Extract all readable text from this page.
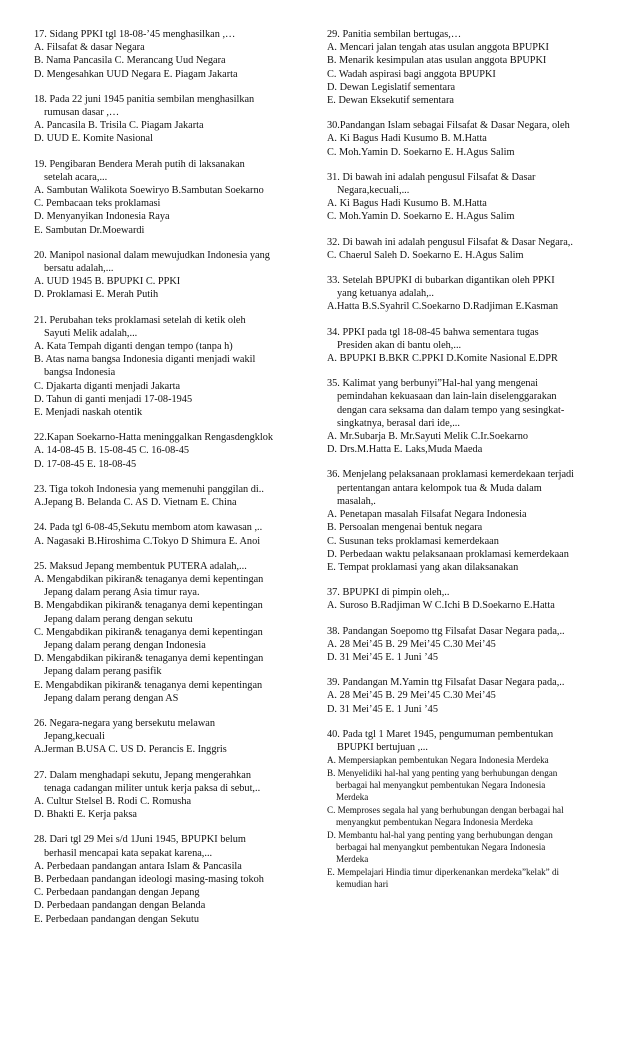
17. Sidang PPKI tgl 18-08-’45 menghasilkan ,…
A. Filsafat & dasar Negara
B. Nama Pancasila C. Merancang Uud Negara
D. Mengesahkan UUD Negara E. Piagam Jakarta
18. Pada 22 juni 1945 panitia sembilan menghasilkan
rumusan dasar ,…
A. Pancasila B. Trisila C. Piagam Jakarta
D. UUD E. Komite Nasional
19. Pengibaran Bendera Merah putih di laksanakan
setelah acara,...
A. Sambutan Walikota Soewiryo B.Sambutan Soekarno
C. Pembacaan teks proklamasi
D. Menyanyikan Indonesia Raya
E. Sambutan Dr.Moewardi
20. Manipol nasional dalam mewujudkan Indonesia yang
bersatu adalah,...
A. UUD 1945 B. BPUPKI C. PPKI
D. Proklamasi E. Merah Putih
21. Perubahan teks proklamasi setelah di ketik oleh
Sayuti Melik adalah,...
A. Kata Tempah diganti dengan tempo (tanpa h)
B. Atas nama bangsa Indonesia diganti menjadi wakil
bangsa Indonesia
C. Djakarta diganti menjadi Jakarta
D. Tahun di ganti menjadi 17-08-1945
E. Menjadi naskah otentik
22.Kapan Soekarno-Hatta meninggalkan Rengasdengklok
A. 14-08-45 B. 15-08-45 C. 16-08-45
D. 17-08-45 E. 18-08-45
23. Tiga tokoh Indonesia yang memenuhi panggilan di..
A.Jepang B. Belanda C. AS D. Vietnam E. China
24. Pada tgl 6-08-45,Sekutu membom atom kawasan ,..
A. Nagasaki B.Hiroshima C.Tokyo D Shimura E. Anoi
25. Maksud Jepang membentuk PUTERA adalah,...
A. Mengabdikan pikiran& tenaganya demi kepentingan
Jepang dalam perang Asia timur raya.
B. Mengabdikan pikiran& tenaganya demi kepentingan
Jepang dalam perang dengan sekutu
C. Mengabdikan pikiran& tenaganya demi kepentingan
Jepang dalam perang dengan Indonesia
D. Mengabdikan pikiran& tenaganya demi kepentingan
Jepang dalam perang pasifik
E. Mengabdikan pikiran& tenaganya demi kepentingan
Jepang dalam perang dengan AS
26. Negara-negara yang bersekutu melawan
Jepang,kecuali
A.Jerman B.USA C. US D. Perancis E. Inggris
27. Dalam menghadapi sekutu, Jepang mengerahkan
tenaga cadangan militer untuk kerja paksa di sebut,..
A. Cultur Stelsel B. Rodi C. Romusha
D. Bhakti E. Kerja paksa
28. Dari tgl 29 Mei s/d 1Juni 1945, BPUPKI belum
berhasil mencapai kata sepakat karena,...
A. Perbedaan pandangan antara Islam & Pancasila
B. Perbedaan pandangan ideologi masing-masing tokoh
C. Perbedaan pandangan dengan Jepang
D. Perbedaan pandangan dengan Belanda
E. Perbedaan pandangan dengan Sekutu
29. Panitia sembilan bertugas,…
A. Mencari jalan tengah atas usulan anggota BPUPKI
B. Menarik kesimpulan atas usulan anggota BPUPKI
C. Wadah aspirasi bagi anggota BPUPKI
D. Dewan Legislatif sementara
E. Dewan Eksekutif sementara
30.Pandangan Islam sebagai Filsafat & Dasar Negara, oleh
A. Ki Bagus Hadi Kusumo B. M.Hatta
C. Moh.Yamin D. Soekarno E. H.Agus Salim
31. Di bawah ini adalah pengusul Filsafat & Dasar
Negara,kecuali,...
A. Ki Bagus Hadi Kusumo B. M.Hatta
C. Moh.Yamin D. Soekarno E. H.Agus Salim
32. Di bawah ini adalah pengusul Filsafat & Dasar Negara,.
C. Chaerul Saleh D. Soekarno E. H.Agus Salim
33. Setelah BPUPKI di bubarkan digantikan oleh PPKI
yang ketuanya adalah,..
A.Hatta B.S.Syahril C.Soekarno D.Radjiman E.Kasman
34. PPKI pada tgl 18-08-45 bahwa sementara tugas
Presiden akan di bantu oleh,...
A. BPUPKI B.BKR C.PPKI D.Komite Nasional E.DPR
35. Kalimat yang berbunyi”Hal-hal yang mengenai
pemindahan kekuasaan dan lain-lain diselenggarakan
dengan cara seksama dan dalam tempo yang sesingkat-
singkatnya, berasal dari ide,...
A. Mr.Subarja B. Mr.Sayuti Melik C.Ir.Soekarno
D. Drs.M.Hatta E. Laks,Muda Maeda
36. Menjelang pelaksanaan proklamasi kemerdekaan terjadi
pertentangan antara kelompok tua & Muda dalam
masalah,.
A. Penetapan masalah Filsafat Negara Indonesia
B. Persoalan mengenai bentuk negara
C. Susunan teks proklamasi kemerdekaan
D. Perbedaan waktu pelaksanaan proklamasi kemerdekaan
E. Tempat proklamasi yang akan dilaksanakan
37. BPUPKI di pimpin oleh,..
A. Suroso B.Radjiman W C.Ichi B D.Soekarno E.Hatta
38. Pandangan Soepomo ttg Filsafat Dasar Negara pada,..
A. 28 Mei’45 B. 29 Mei’45 C.30 Mei’45
D. 31 Mei’45 E. 1 Juni ’45
39. Pandangan M.Yamin ttg Filsafat Dasar Negara pada,..
A. 28 Mei’45 B. 29 Mei’45 C.30 Mei’45
D. 31 Mei’45 E. 1 Juni ’45
40. Pada tgl 1 Maret 1945, pengumuman pembentukan
BPUPKI bertujuan ,...
A. Mempersiapkan pembentukan Negara Indonesia Merdeka
B. Menyelidiki hal-hal yang penting yang berhubungan dengan
berbagai hal menyangkut pembentukan Negara Indonesia
Merdeka
C. Memproses segala hal yang berhubungan dengan berbagai hal
menyangkut pembentukan Negara Indonesia Merdeka
D. Membantu hal-hal yang penting yang berhubungan dengan
berbagai hal menyangkut pembentukan Negara Indonesia
Merdeka
E. Mempelajari Hindia timur diperkenankan merdeka”kelak” di
kemudian hari
